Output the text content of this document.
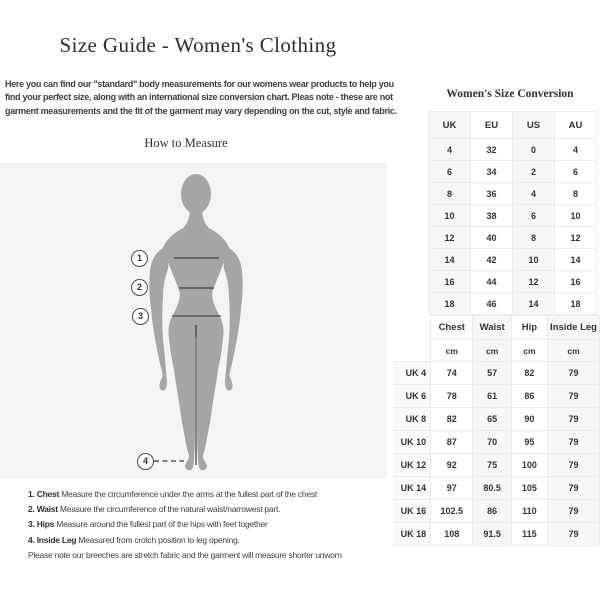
Size Guide - Women's Clothing
Here you can find our "standard" body measurements for our womens wear products to help you find your perfect size, along with an international size conversion chart. Pleas note - these are not garment measurements and the fit of the garment may vary depending on the cut, style and fabric.
How to Measure
1
2
3
4
Women's Size Conversion
UK	EU	US	AU
4	32	0	4
6	34	2	6
8	36	4	8
10	38	6	10
12	40	8	12
14	42	10	14
16	44	12	16
18	46	14	18
	Chest	Waist	Hip	Inside Leg
	cm	cm	cm	cm
UK 4	74	57	82	79
UK 6	78	61	86	79
UK 8	82	65	90	79
UK 10	87	70	95	79
UK 12	92	75	100	79
UK 14	97	80.5	105	79
UK 16	102.5	86	110	79
UK 18	108	91.5	115	79
1. Chest Measure the circumference under the arms at the fullest part of the chest
2. Waist Measure the circumference of the natural waist/narrowest part.
3. Hips Measure around the fullest part of the hips with feet together
4. Inside Leg Measured from crotch position to leg opening.
Please note our breeches are stretch fabric and the garment will measure shorter unworn
